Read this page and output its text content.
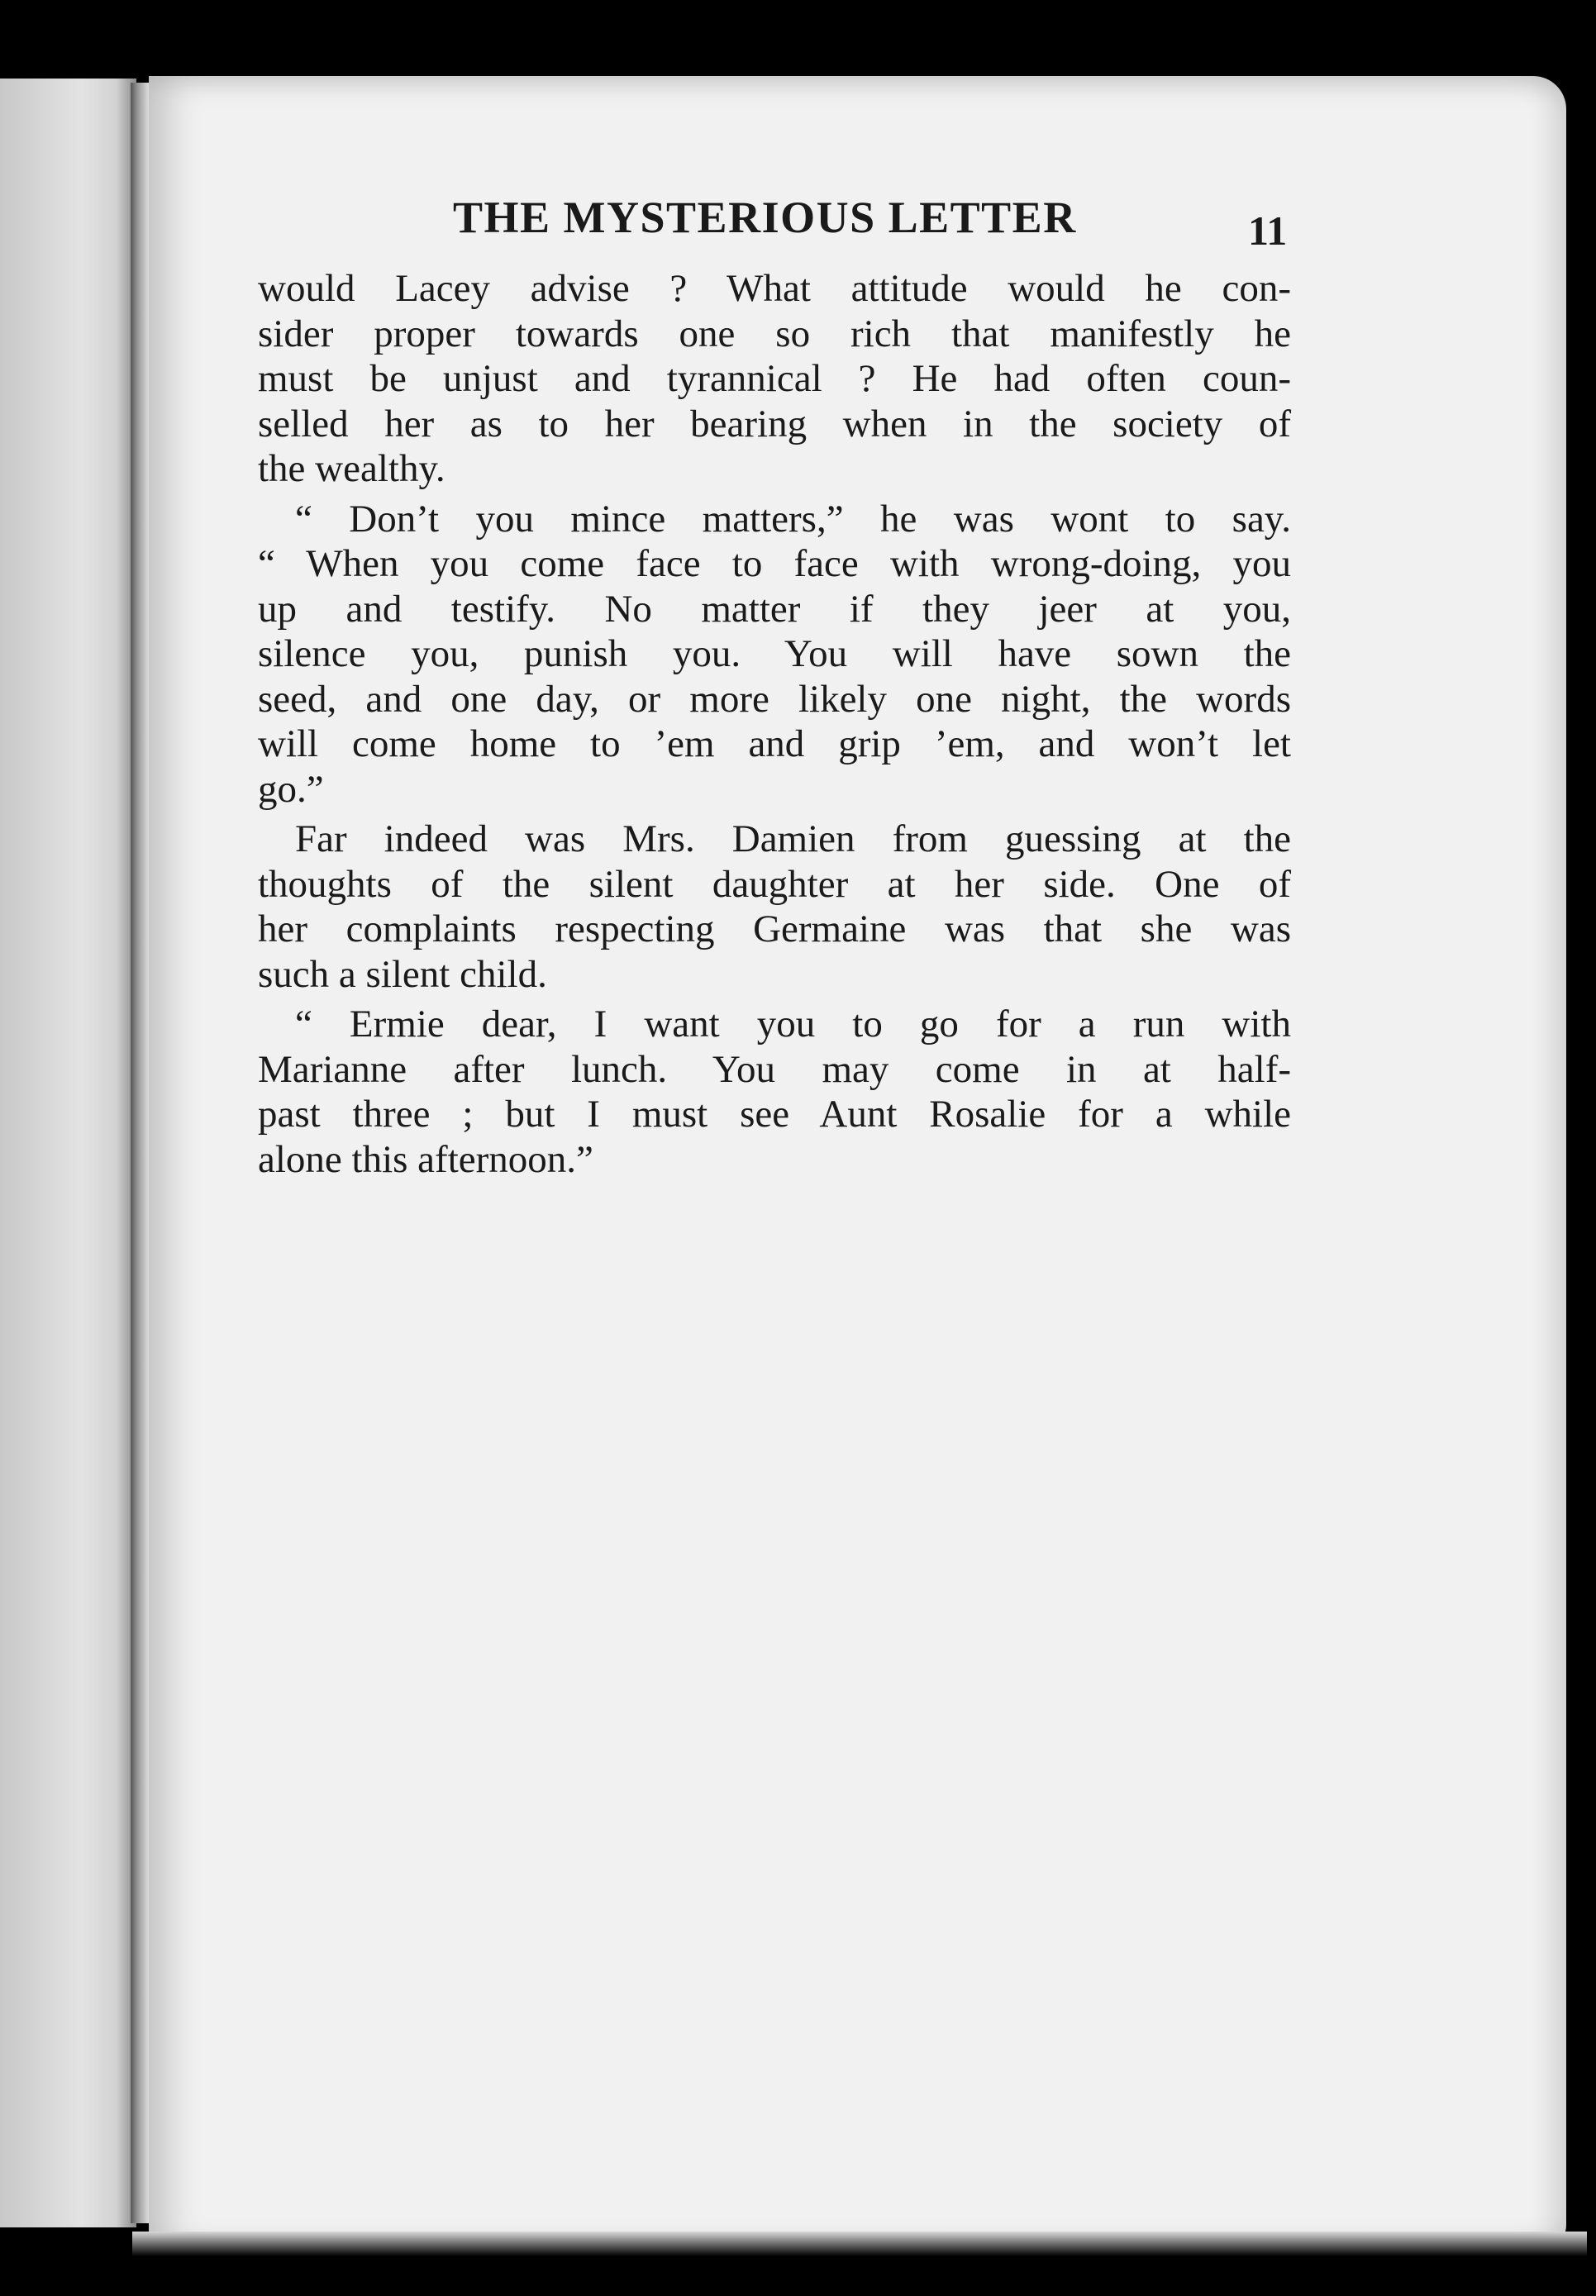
THE MYSTERIOUS LETTER	11
would Lacey advise ? What attitude would he con-
sider proper towards one so rich that manifestly he
must be unjust and tyrannical ? He had often coun-
selled her as to her bearing when in the society of
the wealthy.
“ Don’t you mince matters,” he was wont to say.
“ When you come face to face with wrong-doing, you
up and testify. No matter if they jeer at you,
silence you, punish you. You will have sown the
seed, and one day, or more likely one night, the words
will come home to ’em and grip ’em, and won’t let
go.”
Far indeed was Mrs. Damien from guessing at the
thoughts of the silent daughter at her side. One of
her complaints respecting Germaine was that she was
such a silent child.
“ Ermie dear, I want you to go for a run with
Marianne after lunch. You may come in at half-
past three ; but I must see Aunt Rosalie for a while
alone this afternoon.”
